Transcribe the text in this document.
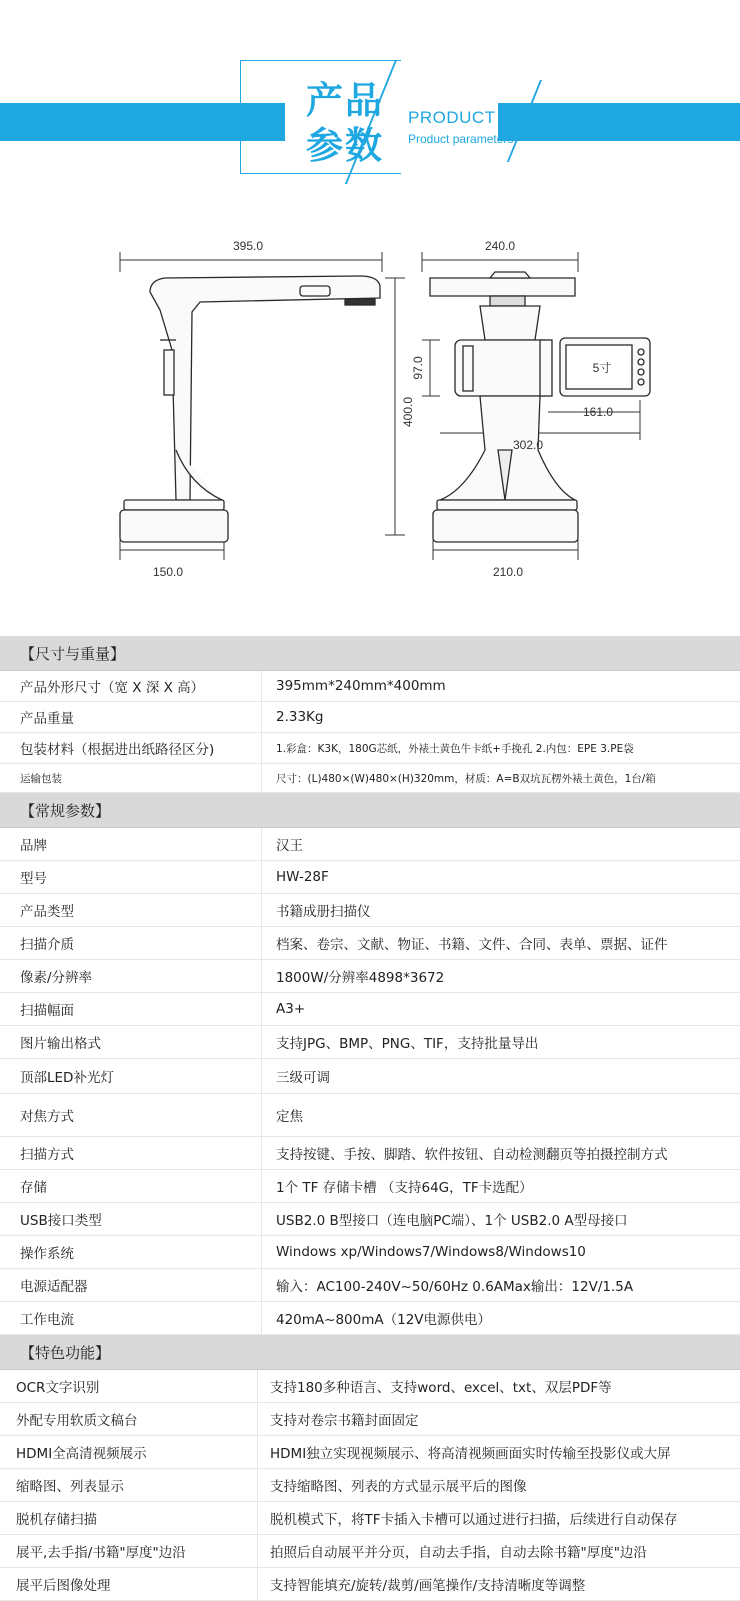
产品
参数
PRODUCT
Product parameters
395.0
400.0
150.0
240.0
97.0
161.0
302.0
210.0
5寸
【尺寸与重量】
产品外形尺寸（宽 X 深 X 高）	395mm*240mm*400mm
产品重量	2.33Kg
包装材料（根据进出纸路径区分)	1.彩盒：K3K，180G芯纸，外裱土黄色牛卡纸+手挽孔 2.内包：EPE 3.PE袋
运输包装	尺寸：(L)480×(W)480×(H)320mm，材质：A=B双坑瓦楞外裱土黄色，1台/箱
【常规参数】
品牌	汉王
型号	HW-28F
产品类型	书籍成册扫描仪
扫描介质	档案、卷宗、文献、物证、书籍、文件、合同、表单、票据、证件
像素/分辨率	1800W/分辨率4898*3672
扫描幅面	A3+
图片输出格式	支持JPG、BMP、PNG、TIF，支持批量导出
顶部LED补光灯	三级可调
对焦方式	定焦
扫描方式	支持按键、手按、脚踏、软件按钮、自动检测翻页等拍摄控制方式
存储	1个 TF 存储卡槽 （支持64G，TF卡选配）
USB接口类型	USB2.0 B型接口（连电脑PC端）、1个 USB2.0 A型母接口
操作系统	Windows xp/Windows7/Windows8/Windows10
电源适配器	输入：AC100-240V~50/60Hz 0.6AMax输出：12V/1.5A
工作电流	420mA~800mA（12V电源供电）
【特色功能】
OCR文字识别	支持180多种语言、支持word、excel、txt、双层PDF等
外配专用软质文稿台	支持对卷宗书籍封面固定
HDMI全高清视频展示	HDMI独立实现视频展示、将高清视频画面实时传输至投影仪或大屏
缩略图、列表显示	支持缩略图、列表的方式显示展平后的图像
脱机存储扫描	脱机模式下，将TF卡插入卡槽可以通过进行扫描，后续进行自动保存
展平,去手指/书籍"厚度"边沿	拍照后自动展平并分页，自动去手指，自动去除书籍"厚度"边沿
展平后图像处理	支持智能填充/旋转/裁剪/画笔操作/支持清晰度等调整
